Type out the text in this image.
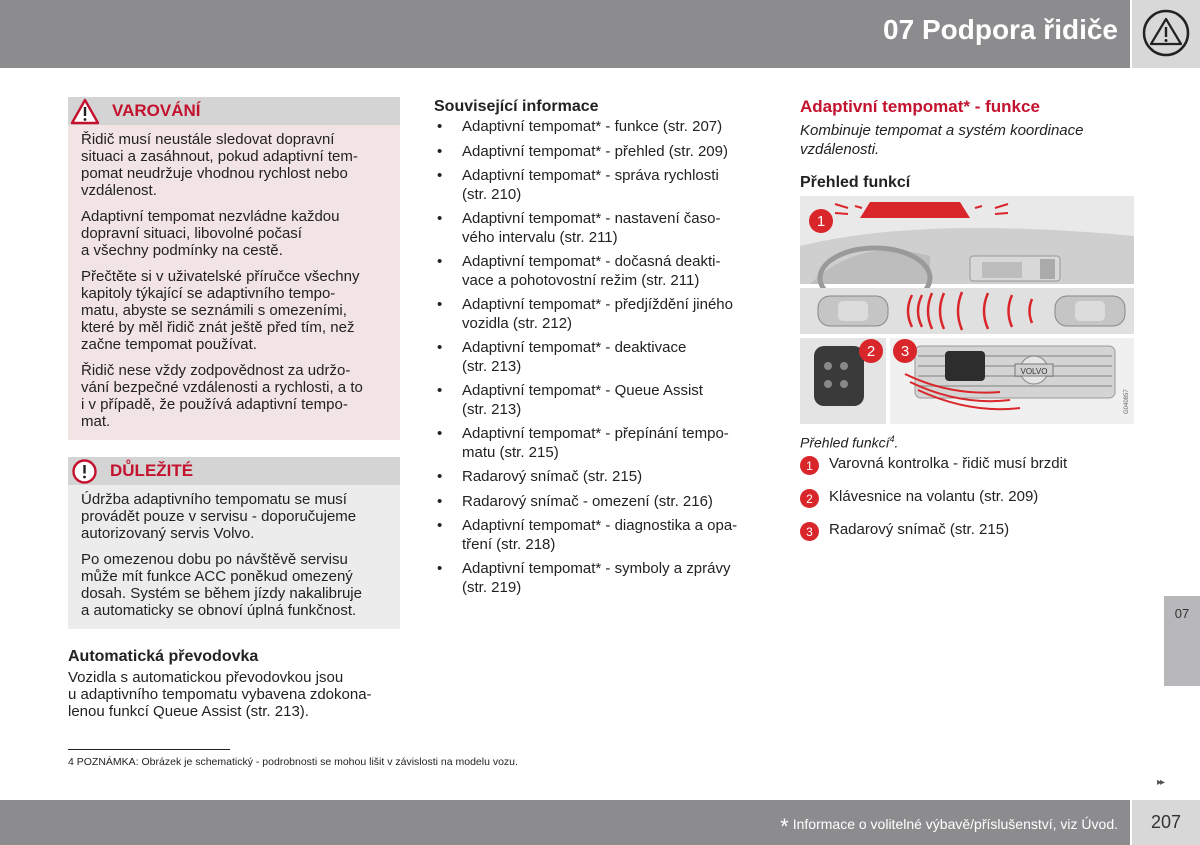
07 Podpora řidiče
VAROVÁNÍ

Řidič musí neustále sledovat dopravní
situaci a zasáhnout, pokud adaptivní tem-
pomat neudržuje vhodnou rychlost nebo
vzdálenost.

Adaptivní tempomat nezvládne každou
dopravní situaci, libovolné počasí
a všechny podmínky na cestě.

Přečtěte si v uživatelské příručce všechny
kapitoly týkající se adaptivního tempo-
matu, abyste se seznámili s omezeními,
které by měl řidič znát ještě před tím, než
začne tempomat používat.

Řidič nese vždy zodpovědnost za udržo-
vání bezpečné vzdálenosti a rychlosti, a to
i v případě, že používá adaptivní tempo-
mat.

DŮLEŽITÉ

Údržba adaptivního tempomatu se musí
provádět pouze v servisu - doporučujeme
autorizovaný servis Volvo.

Po omezenou dobu po návštěvě servisu
může mít funkce ACC poněkud omezený
dosah. Systém se během jízdy nakalibruje
a automaticky se obnoví úplná funkčnost.

Automatická převodovka
Vozidla s automatickou převodovkou jsou
u adaptivního tempomatu vybavena zdokona-
lenou funkcí Queue Assist (str. 213).
Související informace
• Adaptivní tempomat* - funkce (str. 207)
• Adaptivní tempomat* - přehled (str. 209)
• Adaptivní tempomat* - správa rychlosti
(str. 210)
• Adaptivní tempomat* - nastavení časo-
vého intervalu (str. 211)
• Adaptivní tempomat* - dočasná deakti-
vace a pohotovostní režim (str. 211)
• Adaptivní tempomat* - předjíždění jiného
vozidla (str. 212)
• Adaptivní tempomat* - deaktivace
(str. 213)
• Adaptivní tempomat* - Queue Assist
(str. 213)
• Adaptivní tempomat* - přepínání tempo-
matu (str. 215)
• Radarový snímač (str. 215)
• Radarový snímač - omezení (str. 216)
• Adaptivní tempomat* - diagnostika a opa-
tření (str. 218)
• Adaptivní tempomat* - symboly a zprávy
(str. 219)
Adaptivní tempomat* - funkce
Kombinuje tempomat a systém koordinace
vzdálenosti.
Přehled funkcí
VOLVO
G040857
1
2 3
Přehled funkcí$^4$.
1 Varovná kontrolka - řidič musí brzdit
2 Klávesnice na volantu (str. 209)
3 Radarový snímač (str. 215)
07
4 POZNÁMKA: Obrázek je schematický - podrobnosti se mohou lišit v závislosti na modelu vozu.
▸▸
* Informace o volitelné výbavě/příslušenství, viz Úvod.	207
